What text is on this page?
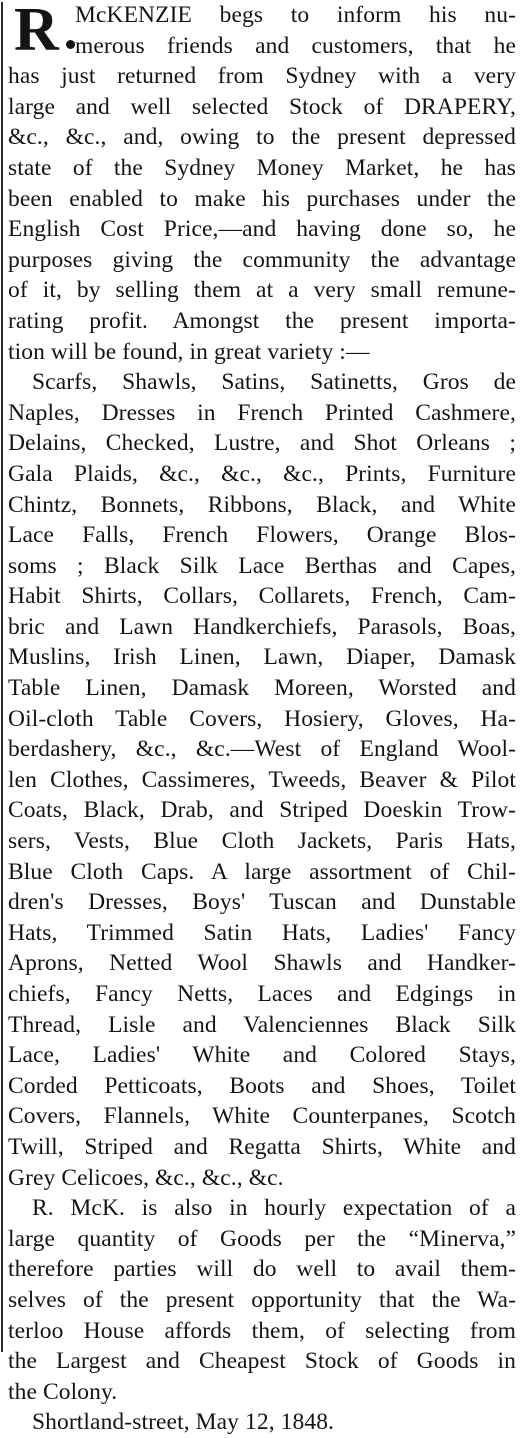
R McKENZIE begs to inform his nu-
merous friends and customers, that he
has just returned from Sydney with a very
large and well selected Stock of DRAPERY,
&c., &c., and, owing to the present depressed
state of the Sydney Money Market, he has
been enabled to make his purchases under the
English Cost Price,—and having done so, he
purposes giving the community the advantage
of it, by selling them at a very small remune-
rating profit. Amongst the present importa-
tion will be found, in great variety :—
Scarfs, Shawls, Satins, Satinetts, Gros de
Naples, Dresses in French Printed Cashmere,
Delains, Checked, Lustre, and Shot Orleans ;
Gala Plaids, &c., &c., &c., Prints, Furniture
Chintz, Bonnets, Ribbons, Black, and White
Lace Falls, French Flowers, Orange Blos-
soms ; Black Silk Lace Berthas and Capes,
Habit Shirts, Collars, Collarets, French, Cam-
bric and Lawn Handkerchiefs, Parasols, Boas,
Muslins, Irish Linen, Lawn, Diaper, Damask
Table Linen, Damask Moreen, Worsted and
Oil-cloth Table Covers, Hosiery, Gloves, Ha-
berdashery, &c., &c.—West of England Wool-
len Clothes, Cassimeres, Tweeds, Beaver & Pilot
Coats, Black, Drab, and Striped Doeskin Trow-
sers, Vests, Blue Cloth Jackets, Paris Hats,
Blue Cloth Caps. A large assortment of Chil-
dren's Dresses, Boys' Tuscan and Dunstable
Hats, Trimmed Satin Hats, Ladies' Fancy
Aprons, Netted Wool Shawls and Handker-
chiefs, Fancy Netts, Laces and Edgings in
Thread, Lisle and Valenciennes Black Silk
Lace, Ladies' White and Colored Stays,
Corded Petticoats, Boots and Shoes, Toilet
Covers, Flannels, White Counterpanes, Scotch
Twill, Striped and Regatta Shirts, White and
Grey Celicoes, &c., &c., &c.
R. McK. is also in hourly expectation of a
large quantity of Goods per the “Minerva,”
therefore parties will do well to avail them-
selves of the present opportunity that the Wa-
terloo House affords them, of selecting from
the Largest and Cheapest Stock of Goods in
the Colony.
Shortland-street, May 12, 1848.
